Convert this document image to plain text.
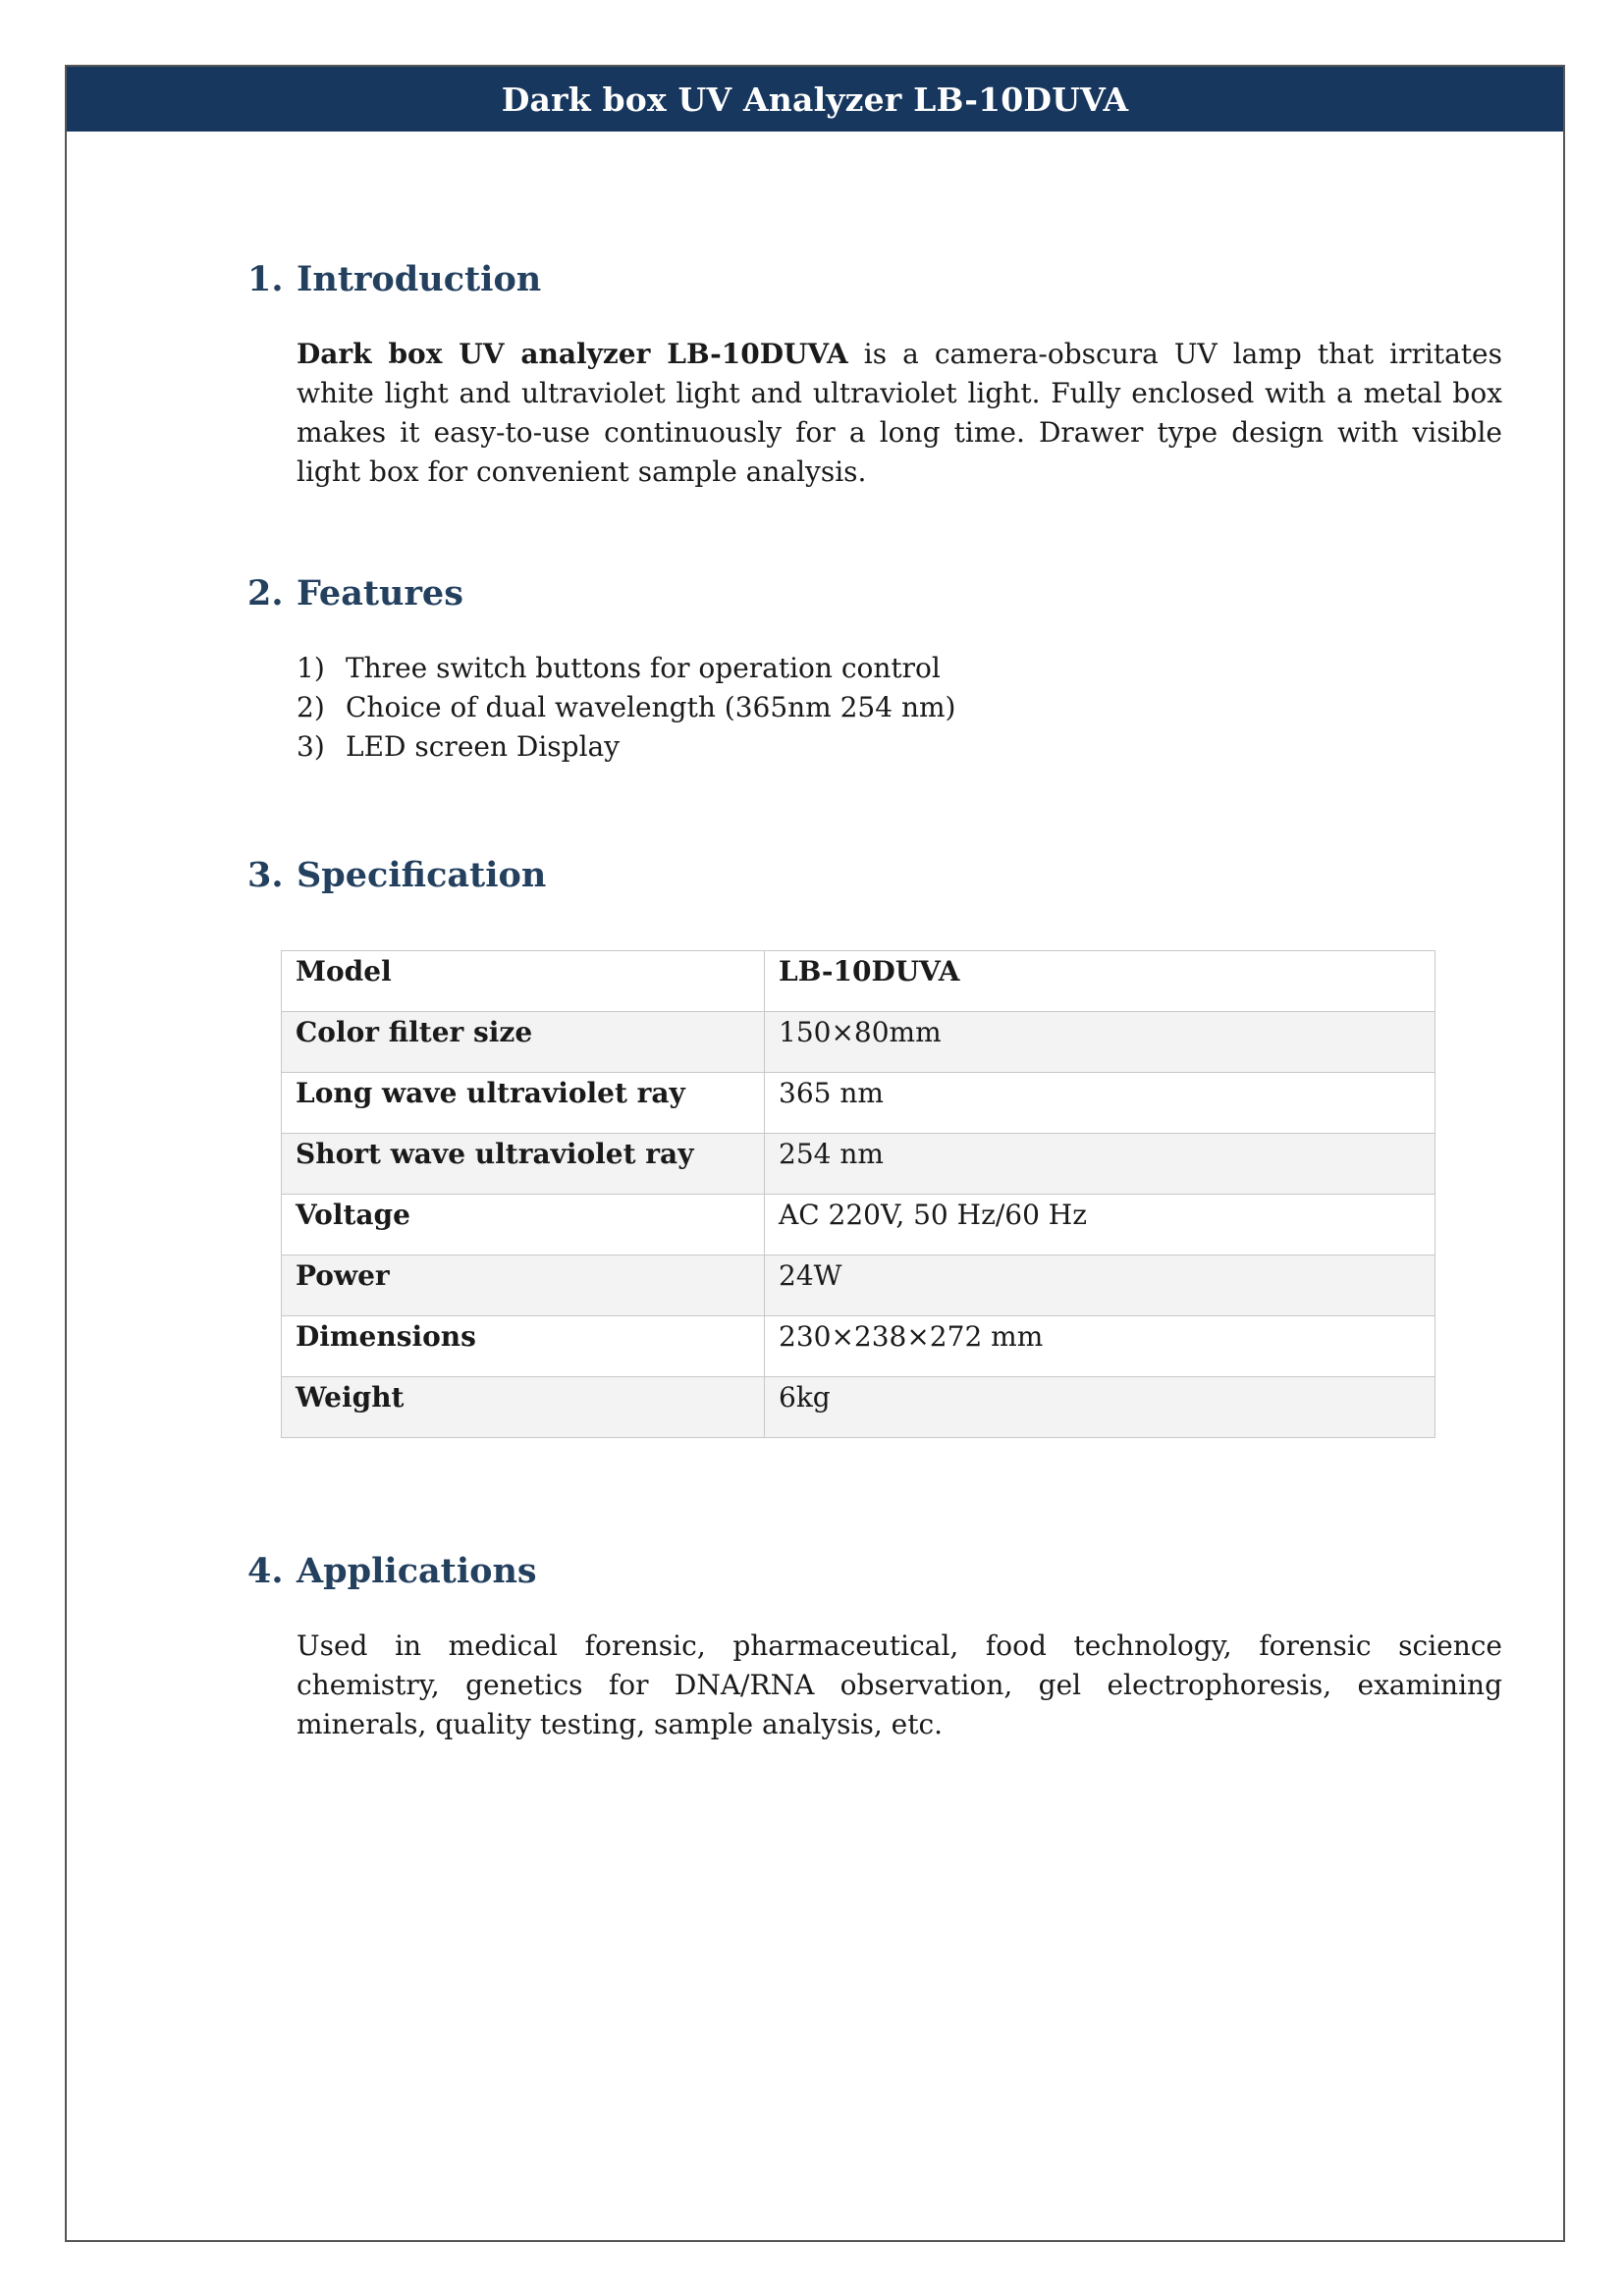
Dark box UV Analyzer LB-10DUVA
1. Introduction

Dark box UV analyzer LB-10DUVA is a camera-obscura UV lamp that irritates white light and ultraviolet light and ultraviolet light. Fully enclosed with a metal box makes it easy-to-use continuously for a long time. Drawer type design with visible light box for convenient sample analysis.

2. Features
1) Three switch buttons for operation control
2) Choice of dual wavelength (365nm 254 nm)
3) LED screen Display
3. Specification
Model	LB-10DUVA
Color filter size	150×80mm
Long wave ultraviolet ray	365 nm
Short wave ultraviolet ray	254 nm
Voltage	AC 220V, 50 Hz/60 Hz
Power	24W
Dimensions	230×238×272 mm
Weight	6kg
4. Applications

Used in medical forensic, pharmaceutical, food technology, forensic science chemistry, genetics for DNA/RNA observation, gel electrophoresis, examining minerals, quality testing, sample analysis, etc.
